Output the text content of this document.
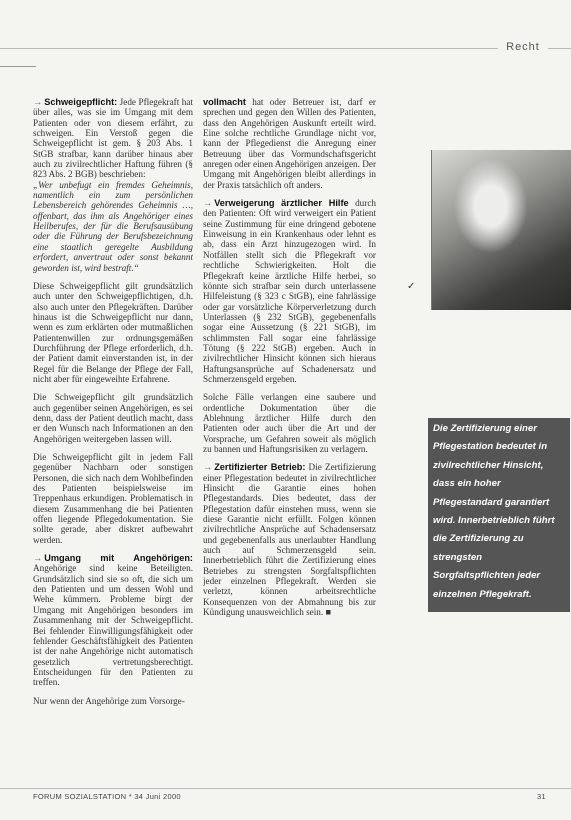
Recht

→ Schweigepflicht: Jede Pflegekraft hat über alles, was sie im Umgang mit dem Patienten oder von diesem erfährt, zu schweigen. Ein Verstoß gegen die Schweigepflicht ist gem. § 203 Abs. 1 StGB strafbar, kann darüber hinaus aber auch zu zivilrechtlicher Haftung führen (§ 823 Abs. 2 BGB) beschrieben:

„Wer unbefugt ein fremdes Geheimnis, namentlich ein zum persönlichen Lebensbereich gehörendes Geheimnis …, offenbart, das ihm als Angehöriger eines Heilberufes, der für die Berufsausübung oder die Führung der Berufsbezeichnung eine staatlich geregelte Ausbildung erfordert, anvertraut oder sonst bekannt geworden ist, wird bestraft.“

Diese Schweigepflicht gilt grundsätzlich auch unter den Schweigepflichtigen, d.h. also auch unter den Pflegekräften. Darüber hinaus ist die Schweigepflicht nur dann, wenn es zum erklärten oder mutmaßlichen Patientenwillen zur ordnungsgemäßen Durchführung der Pflege erforderlich, d.h. der Patient damit einverstanden ist, in der Regel für die Belange der Pflege der Fall, nicht aber für eingeweihte Erfahrene.

Die Schweigepflicht gilt grundsätzlich auch gegenüber seinen Angehörigen, es sei denn, dass der Patient deutlich macht, dass er den Wunsch nach Informationen an den Angehörigen weitergeben lassen will.

Die Schweigepflicht gilt in jedem Fall gegenüber Nachbarn oder sonstigen Personen, die sich nach dem Wohlbefinden des Patienten beispielsweise im Treppenhaus erkundigen. Problematisch in diesem Zusammenhang die bei Patienten offen liegende Pflegedokumentation. Sie sollte gerade, aber diskret aufbewahrt werden.

→ Umgang mit Angehörigen: Angehörige sind keine Beteiligten. Grundsätzlich sind sie so oft, die sich um den Patienten und um dessen Wohl und Wehe kümmern. Probleme birgt der Umgang mit Angehörigen besonders im Zusammenhang mit der Schweigepflicht. Bei fehlender Einwilligungsfähigkeit oder fehlender Geschäftsfähigkeit des Patienten ist der nahe Angehörige nicht automatisch gesetzlich vertretungsberechtigt. Entscheidungen für den Patienten zu treffen.

Nur wenn der Angehörige zum Vorsorge-

vollmacht hat oder Betreuer ist, darf er sprechen und gegen den Willen des Patienten, dass den Angehörigen Auskunft erteilt wird. Eine solche rechtliche Grundlage nicht vor, kann der Pflegedienst die Anregung einer Betreuung über das Vormundschaftsgericht anregen oder einen Angehörigen anzeigen. Der Umgang mit Angehörigen bleibt allerdings in der Praxis tatsächlich oft anders.

→ Verweigerung ärztlicher Hilfe durch den Patienten: Oft wird verweigert ein Patient seine Zustimmung für eine dringend gebotene Einweisung in ein Krankenhaus oder lehnt es ab, dass ein Arzt hinzugezogen wird. In Notfällen stellt sich die Pflegekraft vor rechtliche Schwierigkeiten. Holt die Pflegekraft keine ärztliche Hilfe herbei, so könnte sich strafbar sein durch unterlassene Hilfeleistung (§ 323 c StGB), eine fahrlässige oder gar vorsätzliche Körperverletzung durch Unterlassen (§ 232 StGB), gegebenenfalls sogar eine Aussetzung (§ 221 StGB), im schlimmsten Fall sogar eine fahrlässige Tötung (§ 222 StGB) ergeben. Auch in zivilrechtlicher Hinsicht können sich hieraus Haftungsansprüche auf Schadenersatz und Schmerzensgeld ergeben.

Solche Fälle verlangen eine saubere und ordentliche Dokumentation über die Ablehnung ärztlicher Hilfe durch den Patienten oder auch über die Art und der Vorsprache, um Gefahren soweit als möglich zu bannen und Haftungsrisiken zu verlagern.

→ Zertifizierter Betrieb: Die Zertifizierung einer Pflegestation bedeutet in zivilrechtlicher Hinsicht die Garantie eines hohen Pflegestandards. Dies bedeutet, dass der Pflegestation dafür einstehen muss, wenn sie diese Garantie nicht erfüllt. Folgen können zivilrechtliche Ansprüche auf Schadensersatz und gegebenenfalls aus unerlaubter Handlung auch auf Schmerzensgeld sein. Innerbetrieblich führt die Zertifizierung eines Betriebes zu strengsten Sorgfaltspflichten jeder einzelnen Pflegekraft. Werden sie verletzt, können arbeitsrechtliche Konsequenzen von der Abmahnung bis zur Kündigung unausweichlich sein. ■

✓
Die Zertifizierung einer Pflegestation bedeutet in zivilrechtlicher Hinsicht, dass ein hoher Pflegestandard garantiert wird. Innerbetrieblich führt die Zertifizierung zu strengsten Sorgfaltspflichten jeder einzelnen Pflegekraft.
FORUM SOZIALSTATION * 34 Juni 2000	31
